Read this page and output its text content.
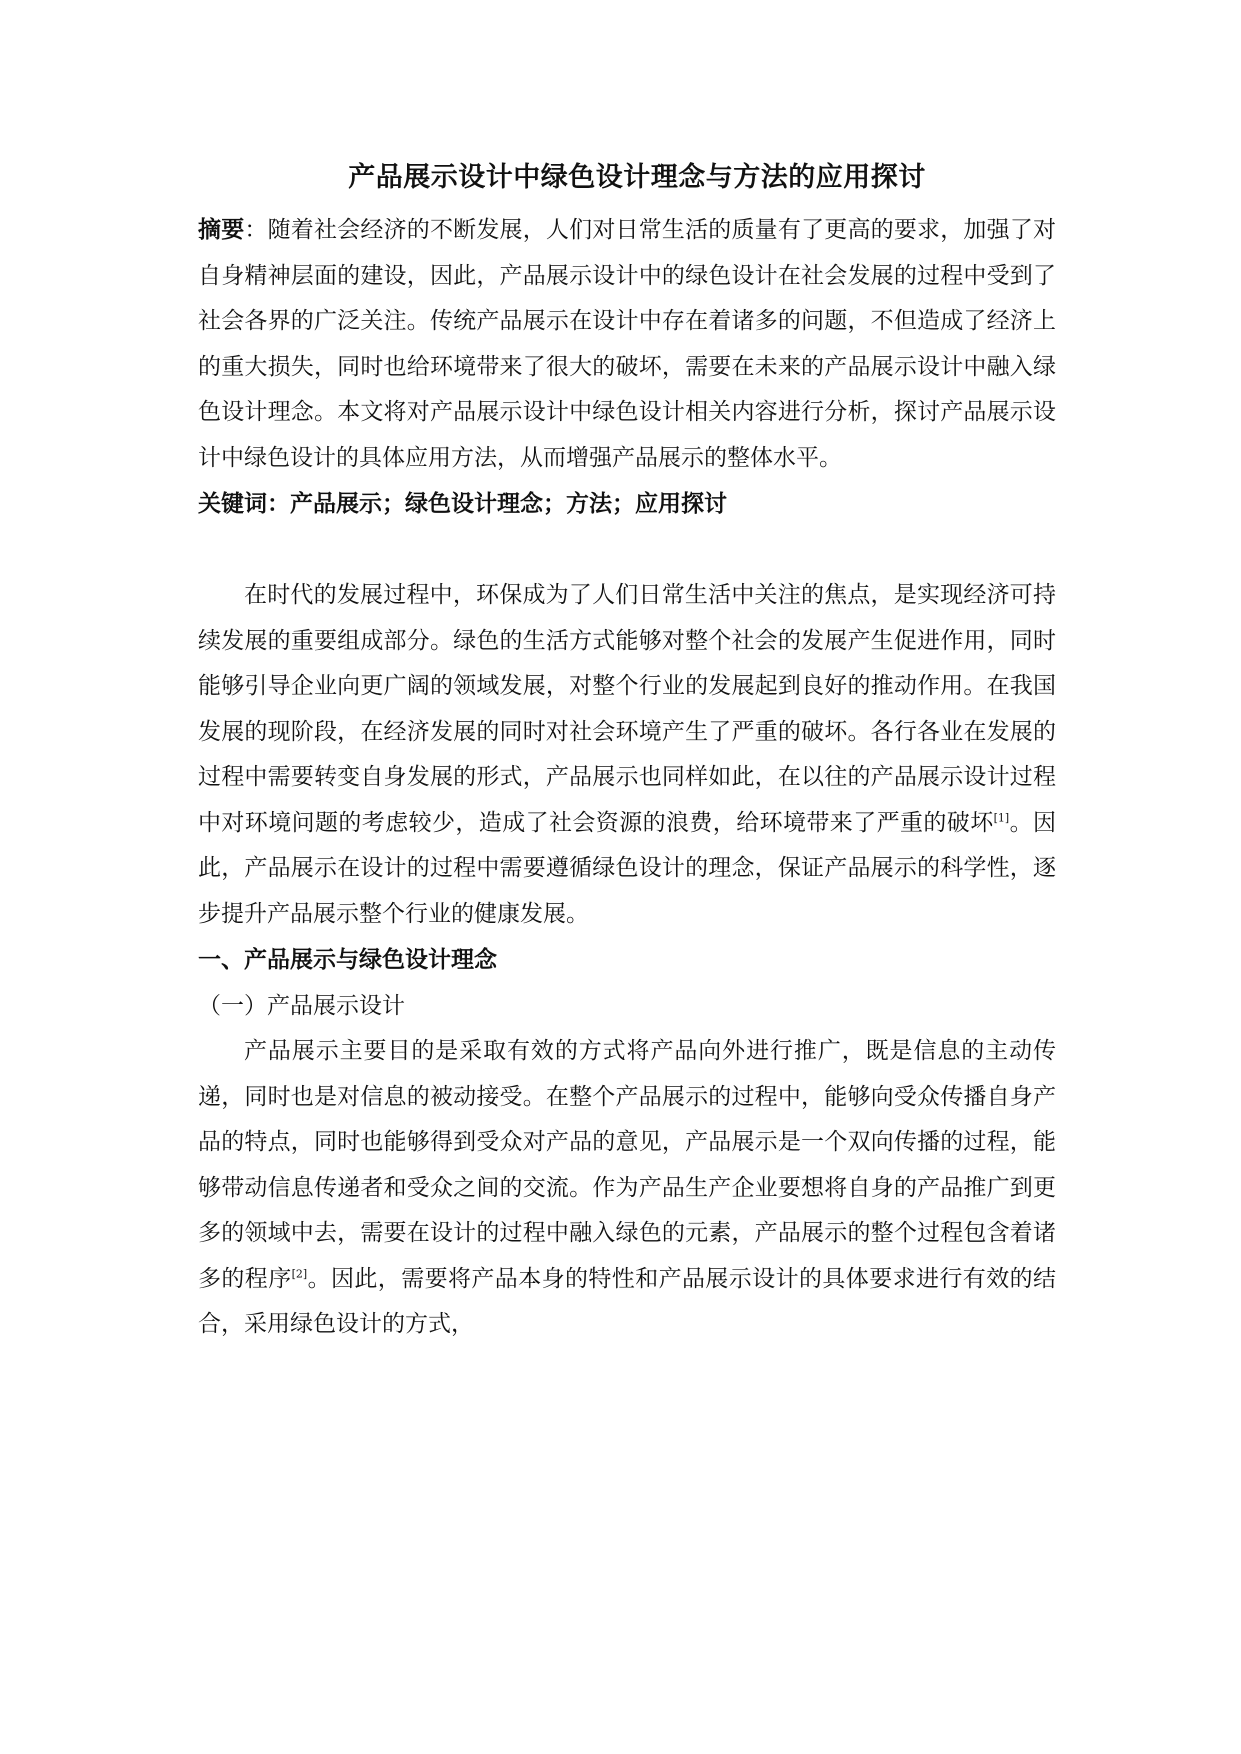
产品展示设计中绿色设计理念与方法的应用探讨

摘要：随着社会经济的不断发展，人们对日常生活的质量有了更高的要求，加强了对自身精神层面的建设，因此，产品展示设计中的绿色设计在社会发展的过程中受到了社会各界的广泛关注。传统产品展示在设计中存在着诸多的问题，不但造成了经济上的重大损失，同时也给环境带来了很大的破坏，需要在未来的产品展示设计中融入绿色设计理念。本文将对产品展示设计中绿色设计相关内容进行分析，探讨产品展示设计中绿色设计的具体应用方法，从而增强产品展示的整体水平。

关键词：产品展示；绿色设计理念；方法；应用探讨

在时代的发展过程中，环保成为了人们日常生活中关注的焦点，是实现经济可持续发展的重要组成部分。绿色的生活方式能够对整个社会的发展产生促进作用，同时能够引导企业向更广阔的领域发展，对整个行业的发展起到良好的推动作用。在我国发展的现阶段，在经济发展的同时对社会环境产生了严重的破坏。各行各业在发展的过程中需要转变自身发展的形式，产品展示也同样如此，在以往的产品展示设计过程中对环境问题的考虑较少，造成了社会资源的浪费，给环境带来了严重的破坏[1]。因此，产品展示在设计的过程中需要遵循绿色设计的理念，保证产品展示的科学性，逐步提升产品展示整个行业的健康发展。

一、产品展示与绿色设计理念

（一）产品展示设计

产品展示主要目的是采取有效的方式将产品向外进行推广，既是信息的主动传递，同时也是对信息的被动接受。在整个产品展示的过程中，能够向受众传播自身产品的特点，同时也能够得到受众对产品的意见，产品展示是一个双向传播的过程，能够带动信息传递者和受众之间的交流。作为产品生产企业要想将自身的产品推广到更多的领域中去，需要在设计的过程中融入绿色的元素，产品展示的整个过程包含着诸多的程序[2]。因此，需要将产品本身的特性和产品展示设计的具体要求进行有效的结合，采用绿色设计的方式，
